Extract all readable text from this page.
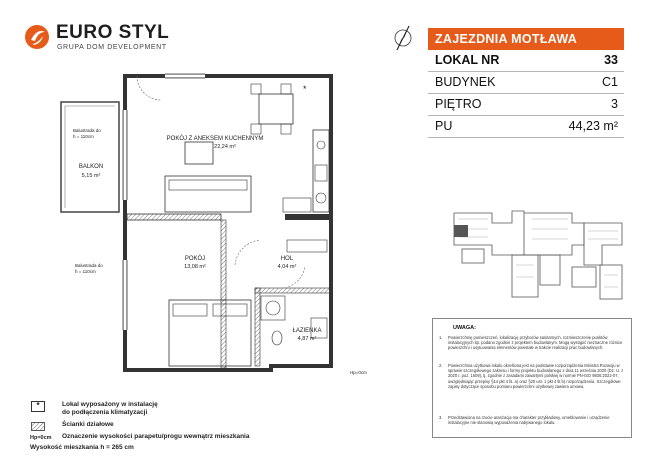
EURO STYL
GRUPA DOM DEVELOPMENT
ZAJEZDNIA MOTŁAWA
LOKAL NR	33
BUDYNEK	C1
PIĘTRO	3
PU	44,23 m²
*
POKÓJ Z ANEKSEM KUCHENNYM
22,24 m²
BALKON
5,15 m²
POKÓJ
13,08 m²
HOL
4,04 m²
ŁAZIENKA
4,87 m²
Balustrada do
h = 110cm
Balustrada do
h = 110cm
Hp=0cm
UWAGA:
1. Powierzchnię pomieszczeń, lokalizację przyborów sanitarnych, rozmieszczenie punktów instalacyjnych itp. podano zgodnie z projektem budowlanym. Mogą wystąpić nieznaczne różnice powierzchni i usytuowania elementów powstałe w trakcie realizacji prac budowlanych.
2. Powierzchnia użytkowa lokalu określona jest na podstawie rozporządzenia Ministra Rozwoju w sprawie szczegółowego zakresu i formy projektu budowlanego z dnia 11 września 2020 (Dz. U. z 2020 r. poz. 1609), tj. zgodnie z zasadami zawartymi polskiej w normie PN-ISO 9836:2022-07, uwzględniając przepisy §14 pkt 4 lit. a) oraz §20 ust. 1 pkt 4 lit b) rozporządzenia. Szczegółowe zapisy dotyczące sposobu pomiaru powierzchni użytkowej zawiera umowa.
3. Przedstawiona na rzucie aranżacja ma charakter przykładowy, umeblowanie i urządzenie instalacyjne nie stanowią wyposażenia nabywanego lokalu.
*	Lokal wyposażony w instalację
do podłączenia klimatyzacji
Ścianki działowe
Hp=0cm Oznaczenie wysokości parapetu/progu wewnątrz mieszkania
Wysokość mieszkania h = 265 cm
